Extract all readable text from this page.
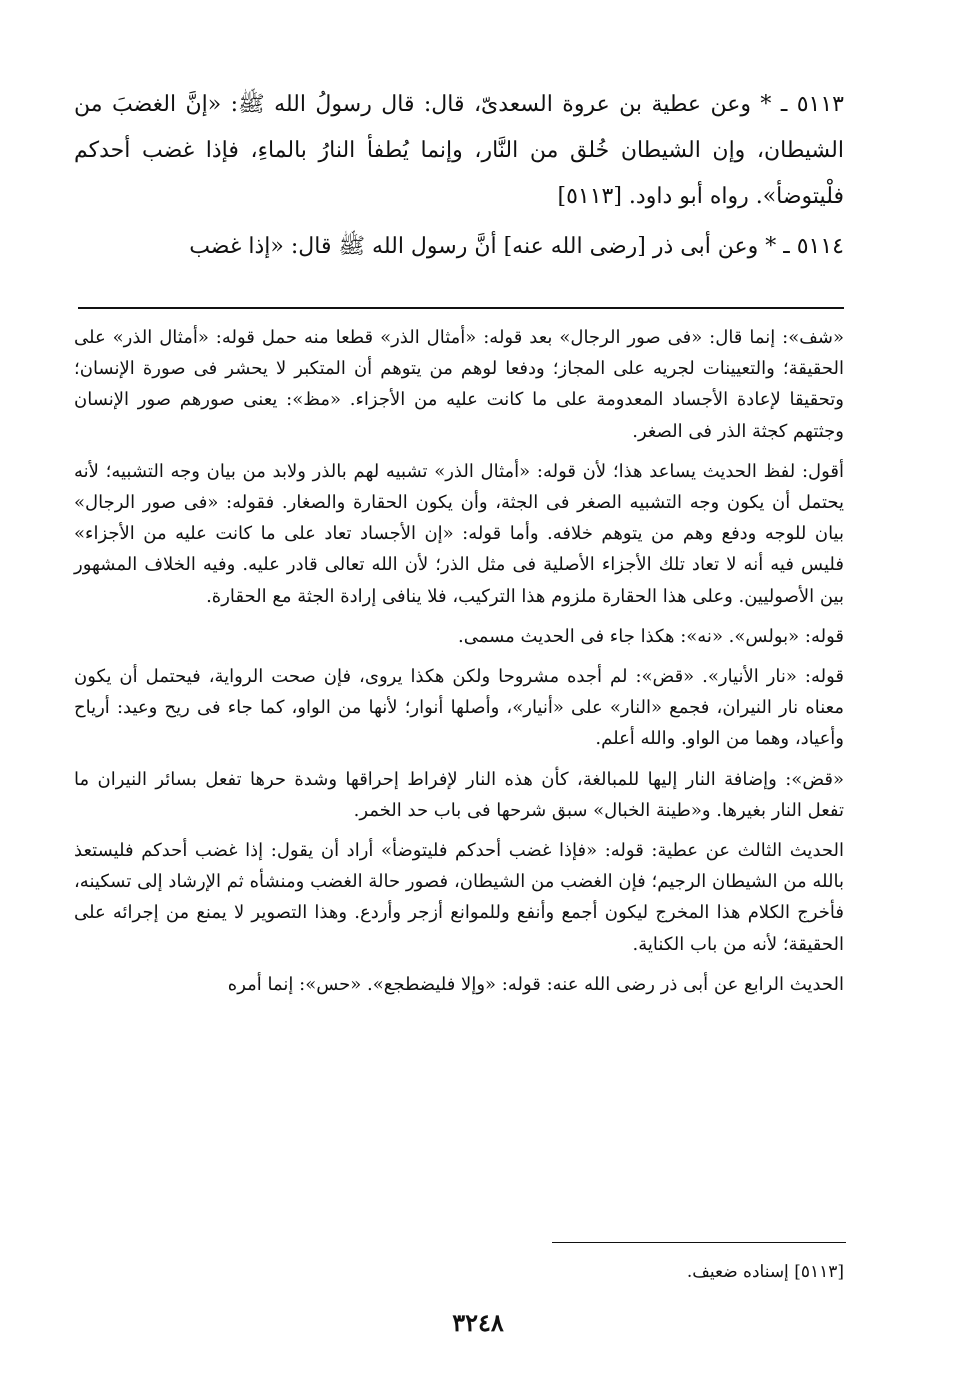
٥١١٣ ـ * وعن عطية بن عروة السعدىّ، قال: قال رسولُ الله ﷺ: «إنَّ الغضبَ من الشيطان، وإن الشيطان خُلق من النَّار، وإنما يُطفأ النارُ بالماءِ، فإذا غضب أحدكم فلْيتوضأ». رواه أبو داود. [٥١١٣]

٥١١٤ ـ * وعن أبى ذر [رضى الله عنه] أنَّ رسول الله ﷺ قال: «إذا غضب

«شف»: إنما قال: «فى صور الرجال» بعد قوله: «أمثال الذر» قطعا منه حمل قوله: «أمثال الذر» على الحقيقة؛ والتعيينات لجريه على المجاز؛ ودفعا لوهم من يتوهم أن المتكبر لا يحشر فى صورة الإنسان؛ وتحقيقا لإعادة الأجساد المعدومة على ما كانت عليه من الأجزاء. «مظ»: يعنى صورهم صور الإنسان وجثتهم كجثة الذر فى الصغر.

أقول: لفظ الحديث يساعد هذا؛ لأن قوله: «أمثال الذر» تشبيه لهم بالذر ولابد من بيان وجه التشبيه؛ لأنه يحتمل أن يكون وجه التشبيه الصغر فى الجثة، وأن يكون الحقارة والصغار. فقوله: «فى صور الرجال» بيان للوجه ودفع وهم من يتوهم خلافه. وأما قوله: «إن الأجساد تعاد على ما كانت عليه من الأجزاء» فليس فيه أنه لا تعاد تلك الأجزاء الأصلية فى مثل الذر؛ لأن الله تعالى قادر عليه. وفيه الخلاف المشهور بين الأصوليين. وعلى هذا الحقارة ملزوم هذا التركيب، فلا ينافى إرادة الجثة مع الحقارة.

قوله: «بولس». «نه»: هكذا جاء فى الحديث مسمى.

قوله: «نار الأنيار». «قض»: لم أجده مشروحا ولكن هكذا يروى، فإن صحت الرواية، فيحتمل أن يكون معناه نار النيران، فجمع «النار» على «أنيار»، وأصلها أنوار؛ لأنها من الواو، كما جاء فى ريح وعيد: أرياح وأعياد، وهما من الواو. والله أعلم.

«قض»: وإضافة النار إليها للمبالغة، كأن هذه النار لإفراط إحراقها وشدة حرها تفعل بسائر النيران ما تفعل النار بغيرها. و«طينة الخبال» سبق شرحها فى باب حد الخمر.

الحديث الثالث عن عطية: قوله: «فإذا غضب أحدكم فليتوضأ» أراد أن يقول: إذا غضب أحدكم فليستعذ بالله من الشيطان الرجيم؛ فإن الغضب من الشيطان، فصور حالة الغضب ومنشأه ثم الإرشاد إلى تسكينه، فأخرج الكلام هذا المخرج ليكون أجمع وأنفع وللموانع أزجر وأردع. وهذا التصوير لا يمنع من إجرائه على الحقيقة؛ لأنه من باب الكناية.

الحديث الرابع عن أبى ذر رضى الله عنه: قوله: «وإلا فليضطجع». «حس»: إنما أمره

[٥١١٣] إسناده ضعيف.
٣٢٤٨
